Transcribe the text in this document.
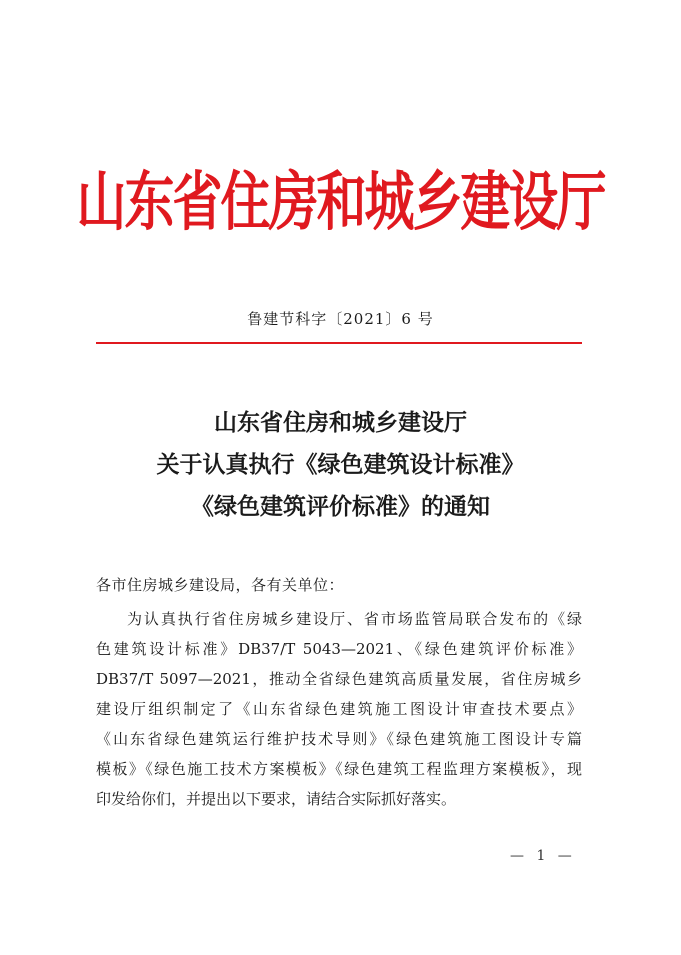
山东省住房和城乡建设厅
鲁建节科字〔2021〕6 号
山东省住房和城乡建设厅
关于认真执行《绿色建筑设计标准》
《绿色建筑评价标准》的通知
各市住房城乡建设局，各有关单位：
为认真执行省住房城乡建设厅、省市场监管局联合发布的《绿
色建筑设计标准》DB37/T 5043—2021、《绿色建筑评价标准》
DB37/T 5097—2021，推动全省绿色建筑高质量发展，省住房城乡
建设厅组织制定了《山东省绿色建筑施工图设计审查技术要点》
《山东省绿色建筑运行维护技术导则》《绿色建筑施工图设计专篇
模板》《绿色施工技术方案模板》《绿色建筑工程监理方案模板》，现
印发给你们，并提出以下要求，请结合实际抓好落实。
— 1 —
